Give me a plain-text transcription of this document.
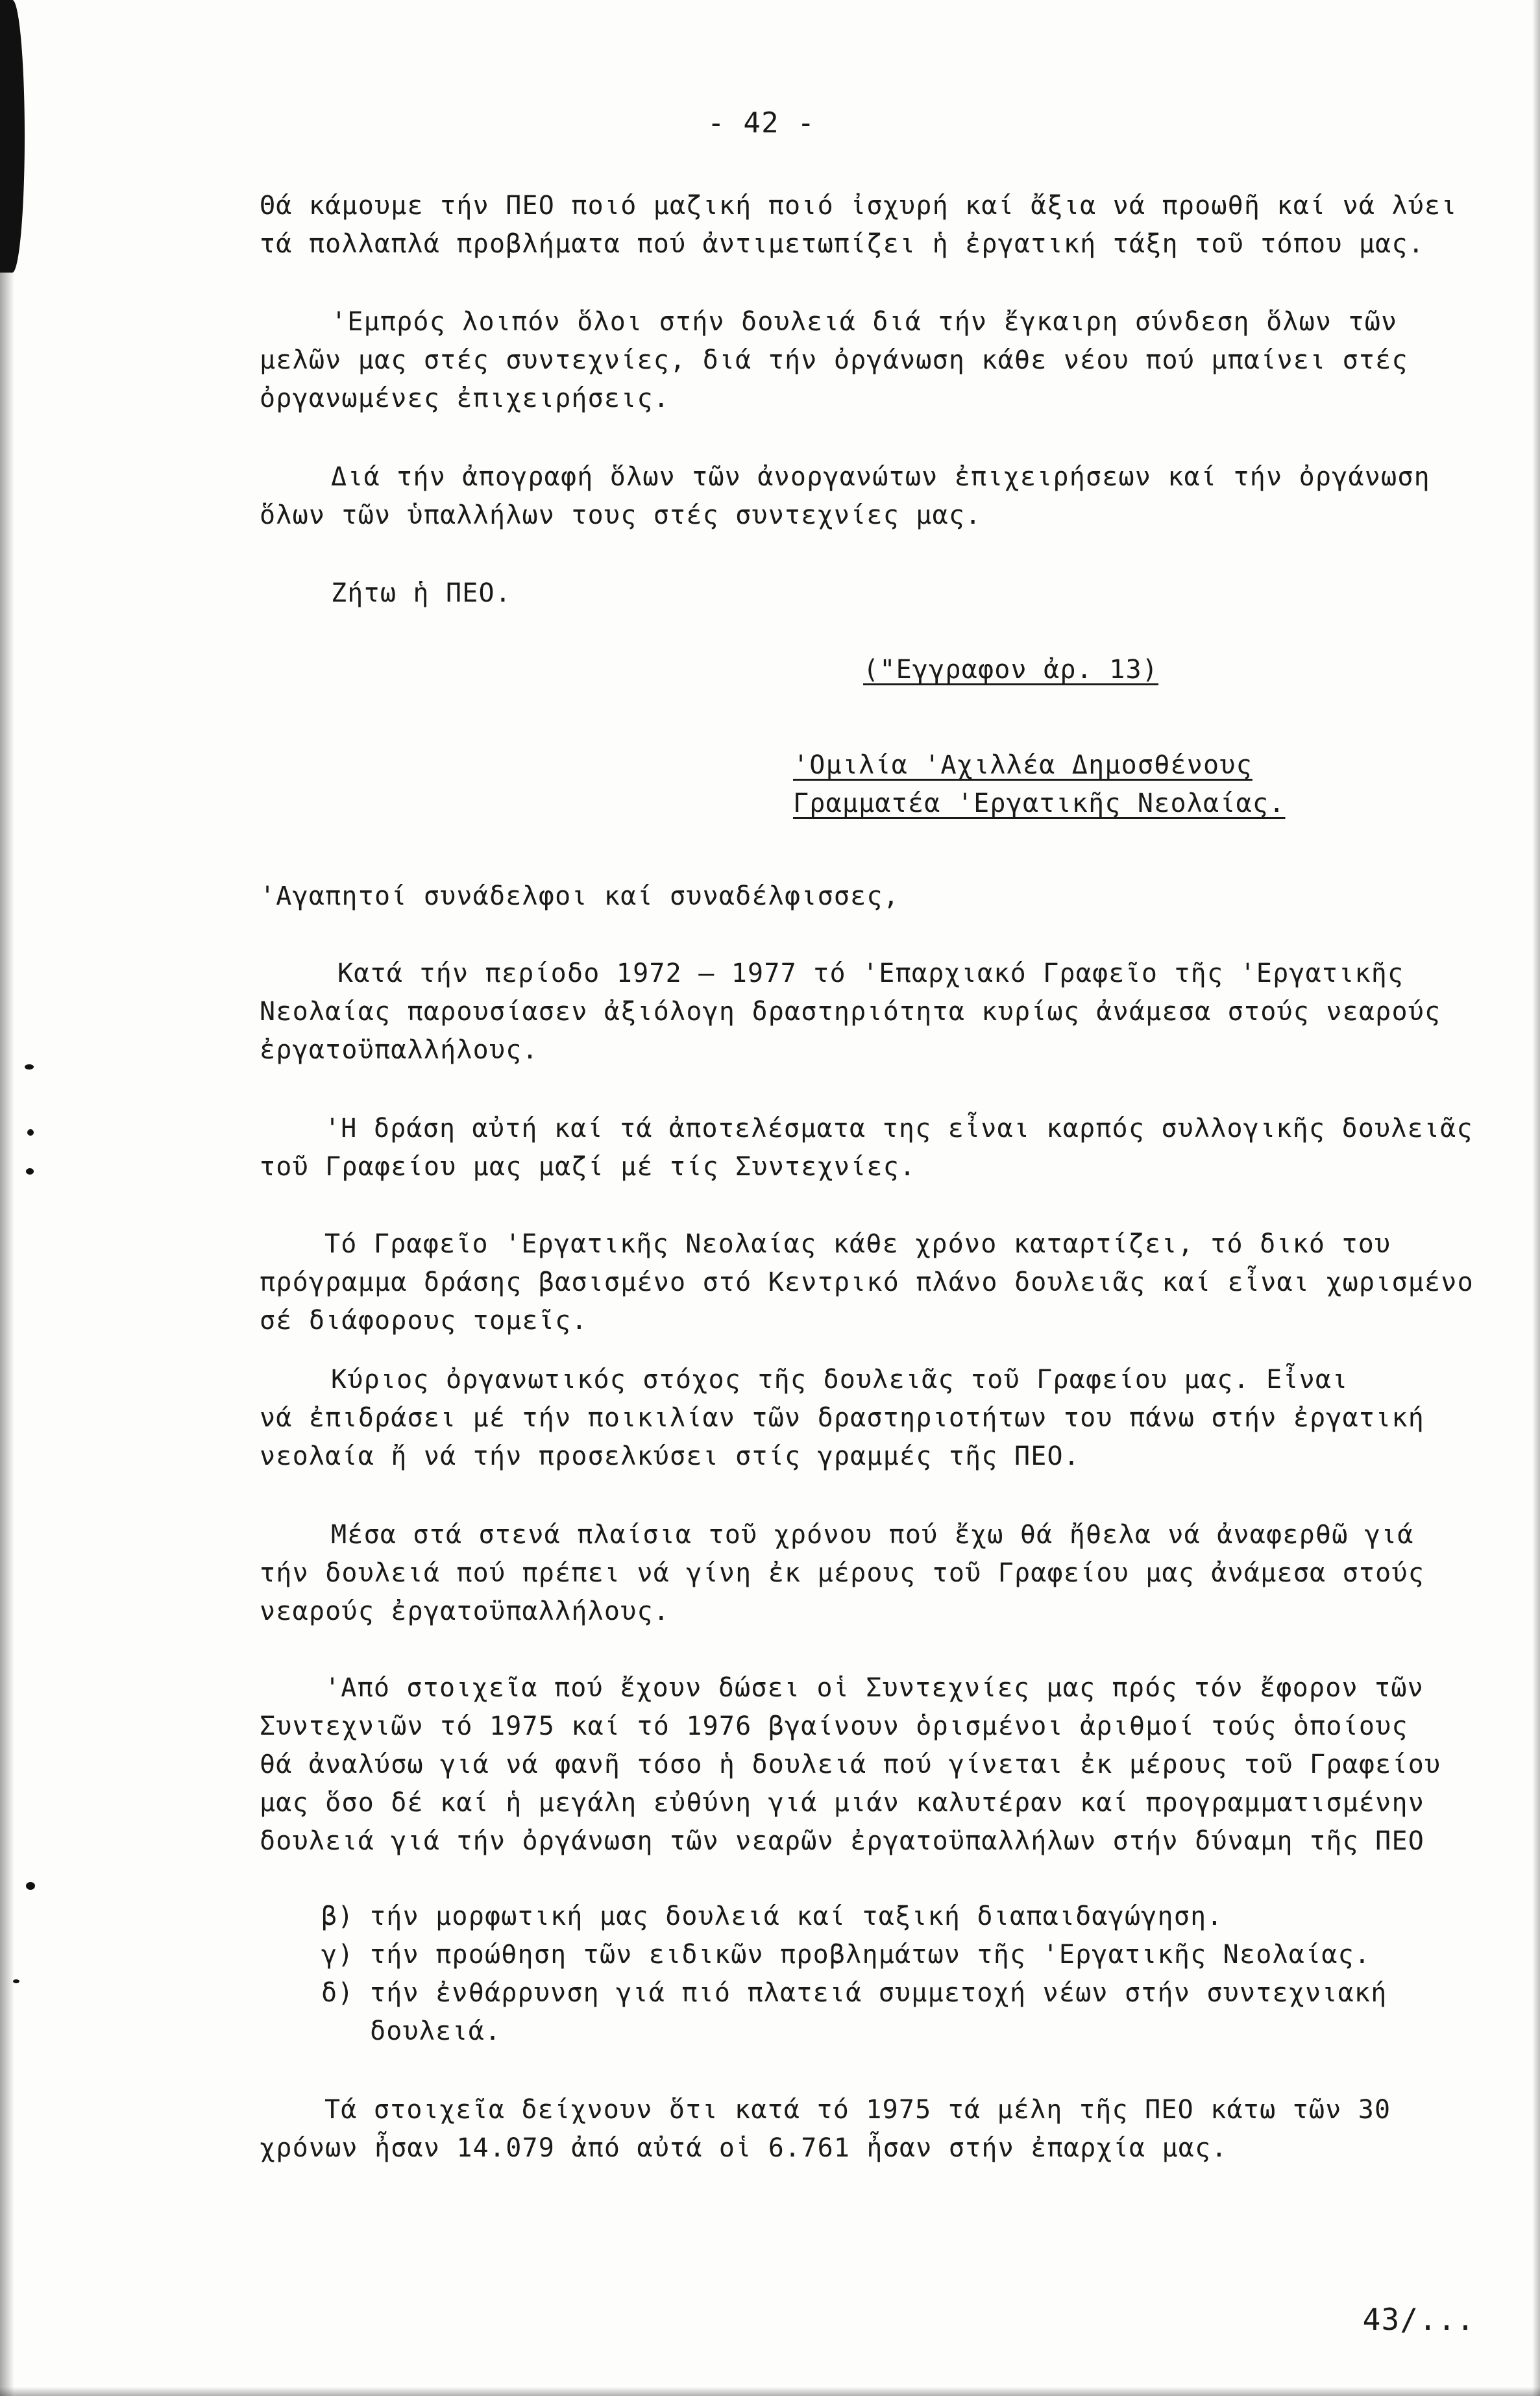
- 42 -
Θά κάμουμε τήν ΠΕΟ ποιό μαζική ποιό ἰσχυρή καί ἄξια νά προωθῆ καί νά λύει
τά πολλαπλά προβλήματα πού ἀντιμετωπίζει ἡ ἐργατική τάξη τοῦ τόπου μας.
'Εμπρός λοιπόν ὅλοι στήν δουλειά διά τήν ἔγκαιρη σύνδεση ὅλων τῶν
μελῶν μας στές συντεχνίες, διά τήν ὀργάνωση κάθε νέου πού μπαίνει στές
ὀργανωμένες ἐπιχειρήσεις.
Διά τήν ἀπογραφή ὅλων τῶν ἀνοργανώτων ἐπιχειρήσεων καί τήν ὀργάνωση
ὅλων τῶν ὑπαλλήλων τους στές συντεχνίες μας.
Ζήτω ἡ ΠΕΟ.
("Εγγραφον ἀρ. 13)
'Ομιλία 'Αχιλλέα Δημοσθένους
Γραμματέα 'Εργατικῆς Νεολαίας.
'Αγαπητοί συνάδελφοι καί συναδέλφισσες,
Κατά τήν περίοδο 1972 – 1977 τό 'Επαρχιακό Γραφεῖο τῆς 'Εργατικῆς
Νεολαίας παρουσίασεν ἀξιόλογη δραστηριότητα κυρίως ἀνάμεσα στούς νεαρούς
ἐργατοϋπαλλήλους.
'Η δράση αὐτή καί τά ἀποτελέσματα της εἶναι καρπός συλλογικῆς δουλειᾶς
τοῦ Γραφείου μας μαζί μέ τίς Συντεχνίες.
Τό Γραφεῖο 'Εργατικῆς Νεολαίας κάθε χρόνο καταρτίζει, τό δικό του
πρόγραμμα δράσης βασισμένο στό Κεντρικό πλάνο δουλειᾶς καί εἶναι χωρισμένο
σέ διάφορους τομεῖς.
Κύριος ὀργανωτικός στόχος τῆς δουλειᾶς τοῦ Γραφείου μας. Εἶναι
νά ἐπιδράσει μέ τήν ποικιλίαν τῶν δραστηριοτήτων του πάνω στήν ἐργατική
νεολαία ἤ νά τήν προσελκύσει στίς γραμμές τῆς ΠΕΟ.
Μέσα στά στενά πλαίσια τοῦ χρόνου πού ἔχω θά ἤθελα νά ἀναφερθῶ γιά
τήν δουλειά πού πρέπει νά γίνη ἐκ μέρους τοῦ Γραφείου μας ἀνάμεσα στούς
νεαρούς ἐργατοϋπαλλήλους.
'Από στοιχεῖα πού ἔχουν δώσει οἱ Συντεχνίες μας πρός τόν ἔφορον τῶν
Συντεχνιῶν τό 1975 καί τό 1976 βγαίνουν ὁρισμένοι ἀριθμοί τούς ὁποίους
θά ἀναλύσω γιά νά φανῆ τόσο ἡ δουλειά πού γίνεται ἐκ μέρους τοῦ Γραφείου
μας ὅσο δέ καί ἡ μεγάλη εὐθύνη γιά μιάν καλυτέραν καί προγραμματισμένην
δουλειά γιά τήν ὀργάνωση τῶν νεαρῶν ἐργατοϋπαλλήλων στήν δύναμη τῆς ΠΕΟ
β) τήν μορφωτική μας δουλειά καί ταξική διαπαιδαγώγηση.
γ) τήν προώθηση τῶν ειδικῶν προβλημάτων τῆς 'Εργατικῆς Νεολαίας.
δ) τήν ἐνθάρρυνση γιά πιό πλατειά συμμετοχή νέων στήν συντεχνιακή
δουλειά.
Τά στοιχεῖα δείχνουν ὅτι κατά τό 1975 τά μέλη τῆς ΠΕΟ κάτω τῶν 30
χρόνων ἦσαν 14.079 ἀπό αὐτά οἱ 6.761 ἦσαν στήν ἐπαρχία μας.
43/...
